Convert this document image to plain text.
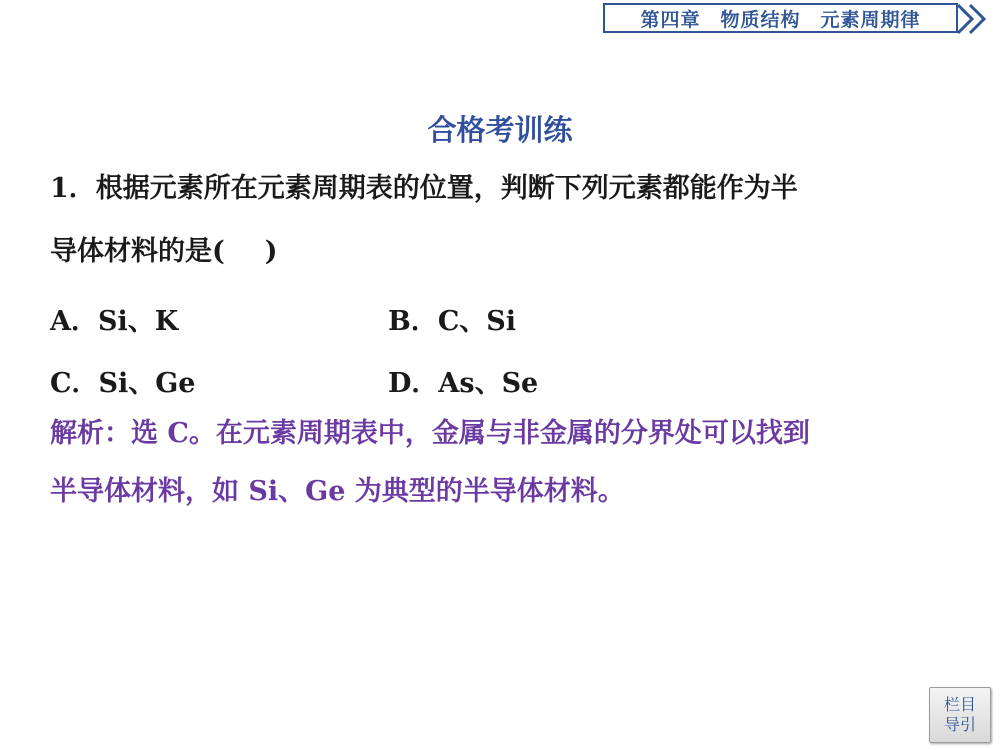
第四章　物质结构　元素周期律
合格考训练
1．根据元素所在元素周期表的位置，判断下列元素都能作为半
导体材料的是( )
A．Si、K	B．C、Si
C．Si、Ge	D．As、Se
解析：选 C。在元素周期表中，金属与非金属的分界处可以找到
半导体材料，如 Si、Ge 为典型的半导体材料。
栏目
导引
